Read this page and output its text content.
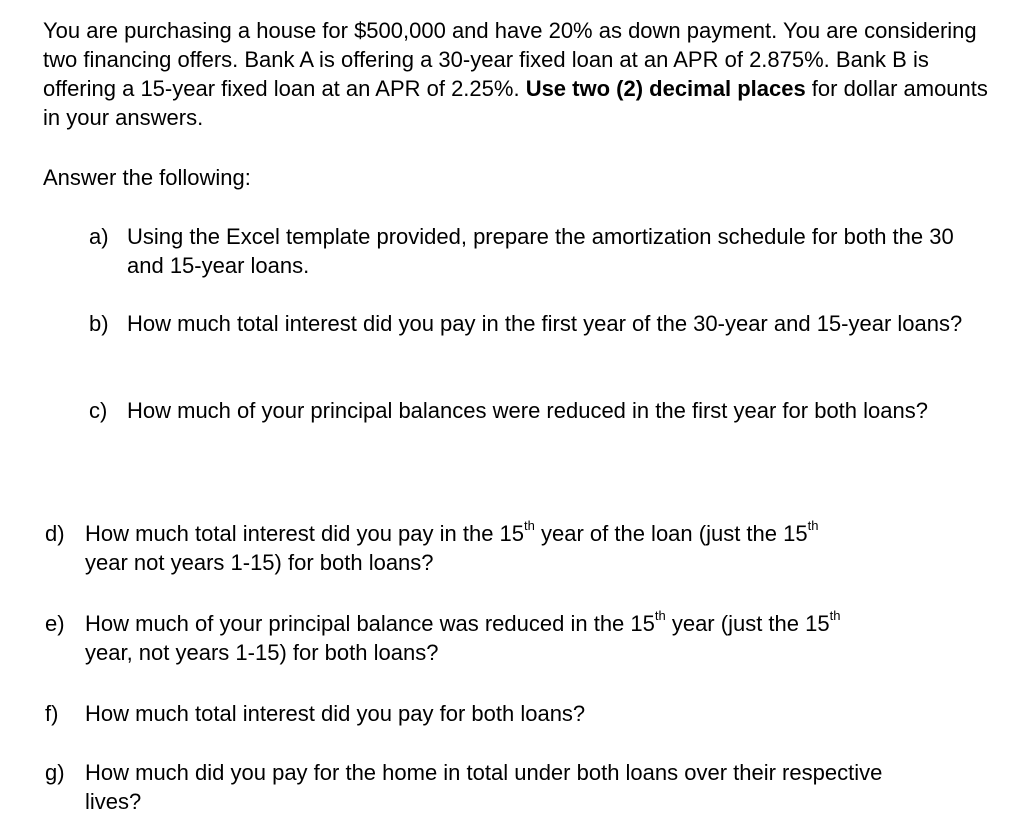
You are purchasing a house for $500,000 and have 20% as down payment. You are considering two financing offers. Bank A is offering a 30-year fixed loan at an APR of 2.875%. Bank B is offering a 15-year fixed loan at an APR of 2.25%. Use two (2) decimal places for dollar amounts in your answers.

Answer the following:

a) Using the Excel template provided, prepare the amortization schedule for both the 30 and 15-year loans.
b) How much total interest did you pay in the first year of the 30-year and 15-year loans?
c) How much of your principal balances were reduced in the first year for both loans?
d) How much total interest did you pay in the 15th year of the loan (just the 15th
year not years 1-15) for both loans?
e) How much of your principal balance was reduced in the 15th year (just the 15th
year, not years 1-15) for both loans?
f) How much total interest did you pay for both loans?
g) How much did you pay for the home in total under both loans over their respective lives?
